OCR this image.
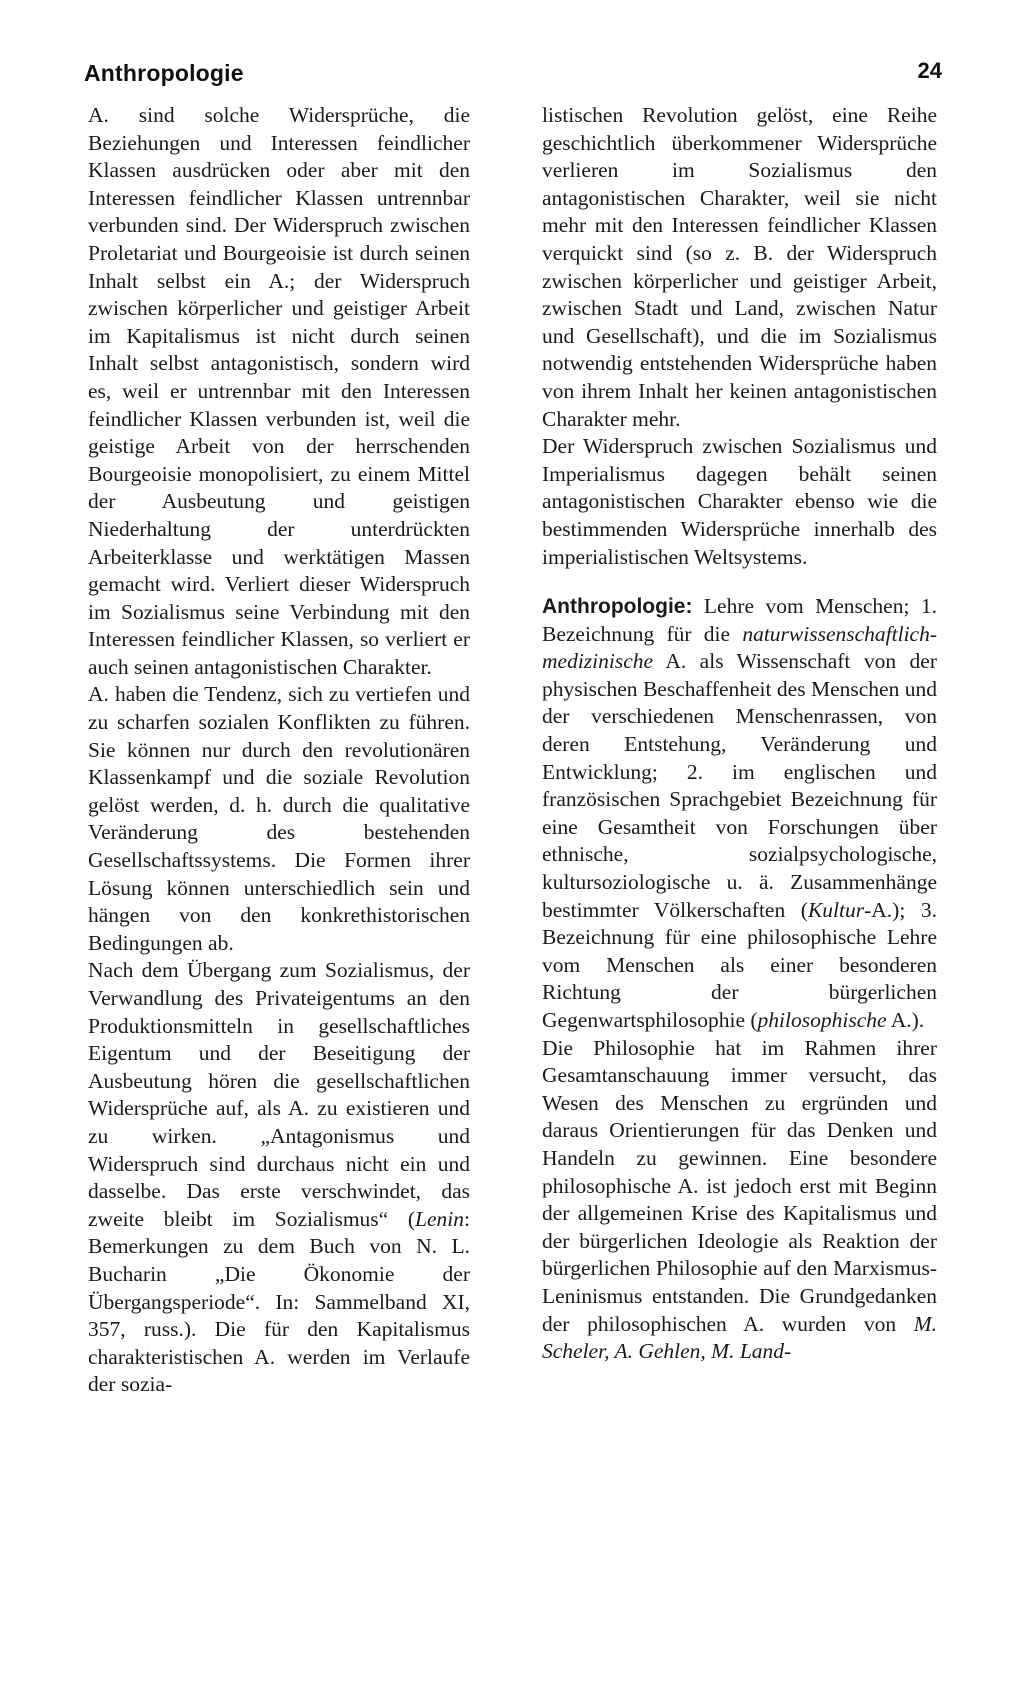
Anthropologie	24

A. sind solche Widersprüche, die Beziehungen und Interessen feindlicher Klassen ausdrücken oder aber mit den Interessen feindlicher Klassen untrennbar verbunden sind. Der Widerspruch zwischen Proletariat und Bourgeoisie ist durch seinen Inhalt selbst ein A.; der Widerspruch zwischen körperlicher und geistiger Arbeit im Kapitalismus ist nicht durch seinen Inhalt selbst antagonistisch, sondern wird es, weil er untrennbar mit den Interessen feindlicher Klassen verbunden ist, weil die geistige Arbeit von der herrschenden Bourgeoisie monopolisiert, zu einem Mittel der Ausbeutung und geistigen Niederhaltung der unterdrückten Arbeiterklasse und werktätigen Massen gemacht wird. Verliert dieser Widerspruch im Sozialismus seine Verbindung mit den Interessen feindlicher Klassen, so verliert er auch seinen antagonistischen Charakter.

A. haben die Tendenz, sich zu vertiefen und zu scharfen sozialen Konflikten zu führen. Sie können nur durch den revolutionären Klassenkampf und die soziale Revolution gelöst werden, d. h. durch die qualitative Veränderung des bestehenden Gesellschaftssystems. Die Formen ihrer Lösung können unterschiedlich sein und hängen von den konkrethistorischen Bedingungen ab.

Nach dem Übergang zum Sozialismus, der Verwandlung des Privateigentums an den Produktionsmitteln in gesellschaftliches Eigentum und der Beseitigung der Ausbeutung hören die gesellschaftlichen Widersprüche auf, als A. zu existieren und zu wirken. „Antagonismus und Widerspruch sind durchaus nicht ein und dasselbe. Das erste verschwindet, das zweite bleibt im Sozialismus“ (Lenin: Bemerkungen zu dem Buch von N. L. Bucharin „Die Ökonomie der Übergangsperiode“. In: Sammelband XI, 357, russ.). Die für den Kapitalismus charakteristischen A. werden im Verlaufe der sozia-

listischen Revolution gelöst, eine Reihe geschichtlich überkommener Widersprüche verlieren im Sozialismus den antagonistischen Charakter, weil sie nicht mehr mit den Interessen feindlicher Klassen verquickt sind (so z. B. der Widerspruch zwischen körperlicher und geistiger Arbeit, zwischen Stadt und Land, zwischen Natur und Gesellschaft), und die im Sozialismus notwendig entstehenden Widersprüche haben von ihrem Inhalt her keinen antagonistischen Charakter mehr.

Der Widerspruch zwischen Sozialismus und Imperialismus dagegen behält seinen antagonistischen Charakter ebenso wie die bestimmenden Widersprüche innerhalb des imperialistischen Weltsystems.

Anthropologie: Lehre vom Menschen; 1. Bezeichnung für die naturwissenschaftlich-medizinische A. als Wissenschaft von der physischen Beschaffenheit des Menschen und der verschiedenen Menschenrassen, von deren Entstehung, Veränderung und Entwicklung; 2. im englischen und französischen Sprachgebiet Bezeichnung für eine Gesamtheit von Forschungen über ethnische, sozialpsychologische, kultursoziologische u. ä. Zusammenhänge bestimmter Völkerschaften (Kultur-A.); 3. Bezeichnung für eine philosophische Lehre vom Menschen als einer besonderen Richtung der bürgerlichen Gegenwartsphilosophie (philosophische A.).

Die Philosophie hat im Rahmen ihrer Gesamtanschauung immer versucht, das Wesen des Menschen zu ergründen und daraus Orientierungen für das Denken und Handeln zu gewinnen. Eine besondere philosophische A. ist jedoch erst mit Beginn der allgemeinen Krise des Kapitalismus und der bürgerlichen Ideologie als Reaktion der bürgerlichen Philosophie auf den Marxismus-Leninismus entstanden. Die Grundgedanken der philosophischen A. wurden von M. Scheler, A. Gehlen, M. Land-
